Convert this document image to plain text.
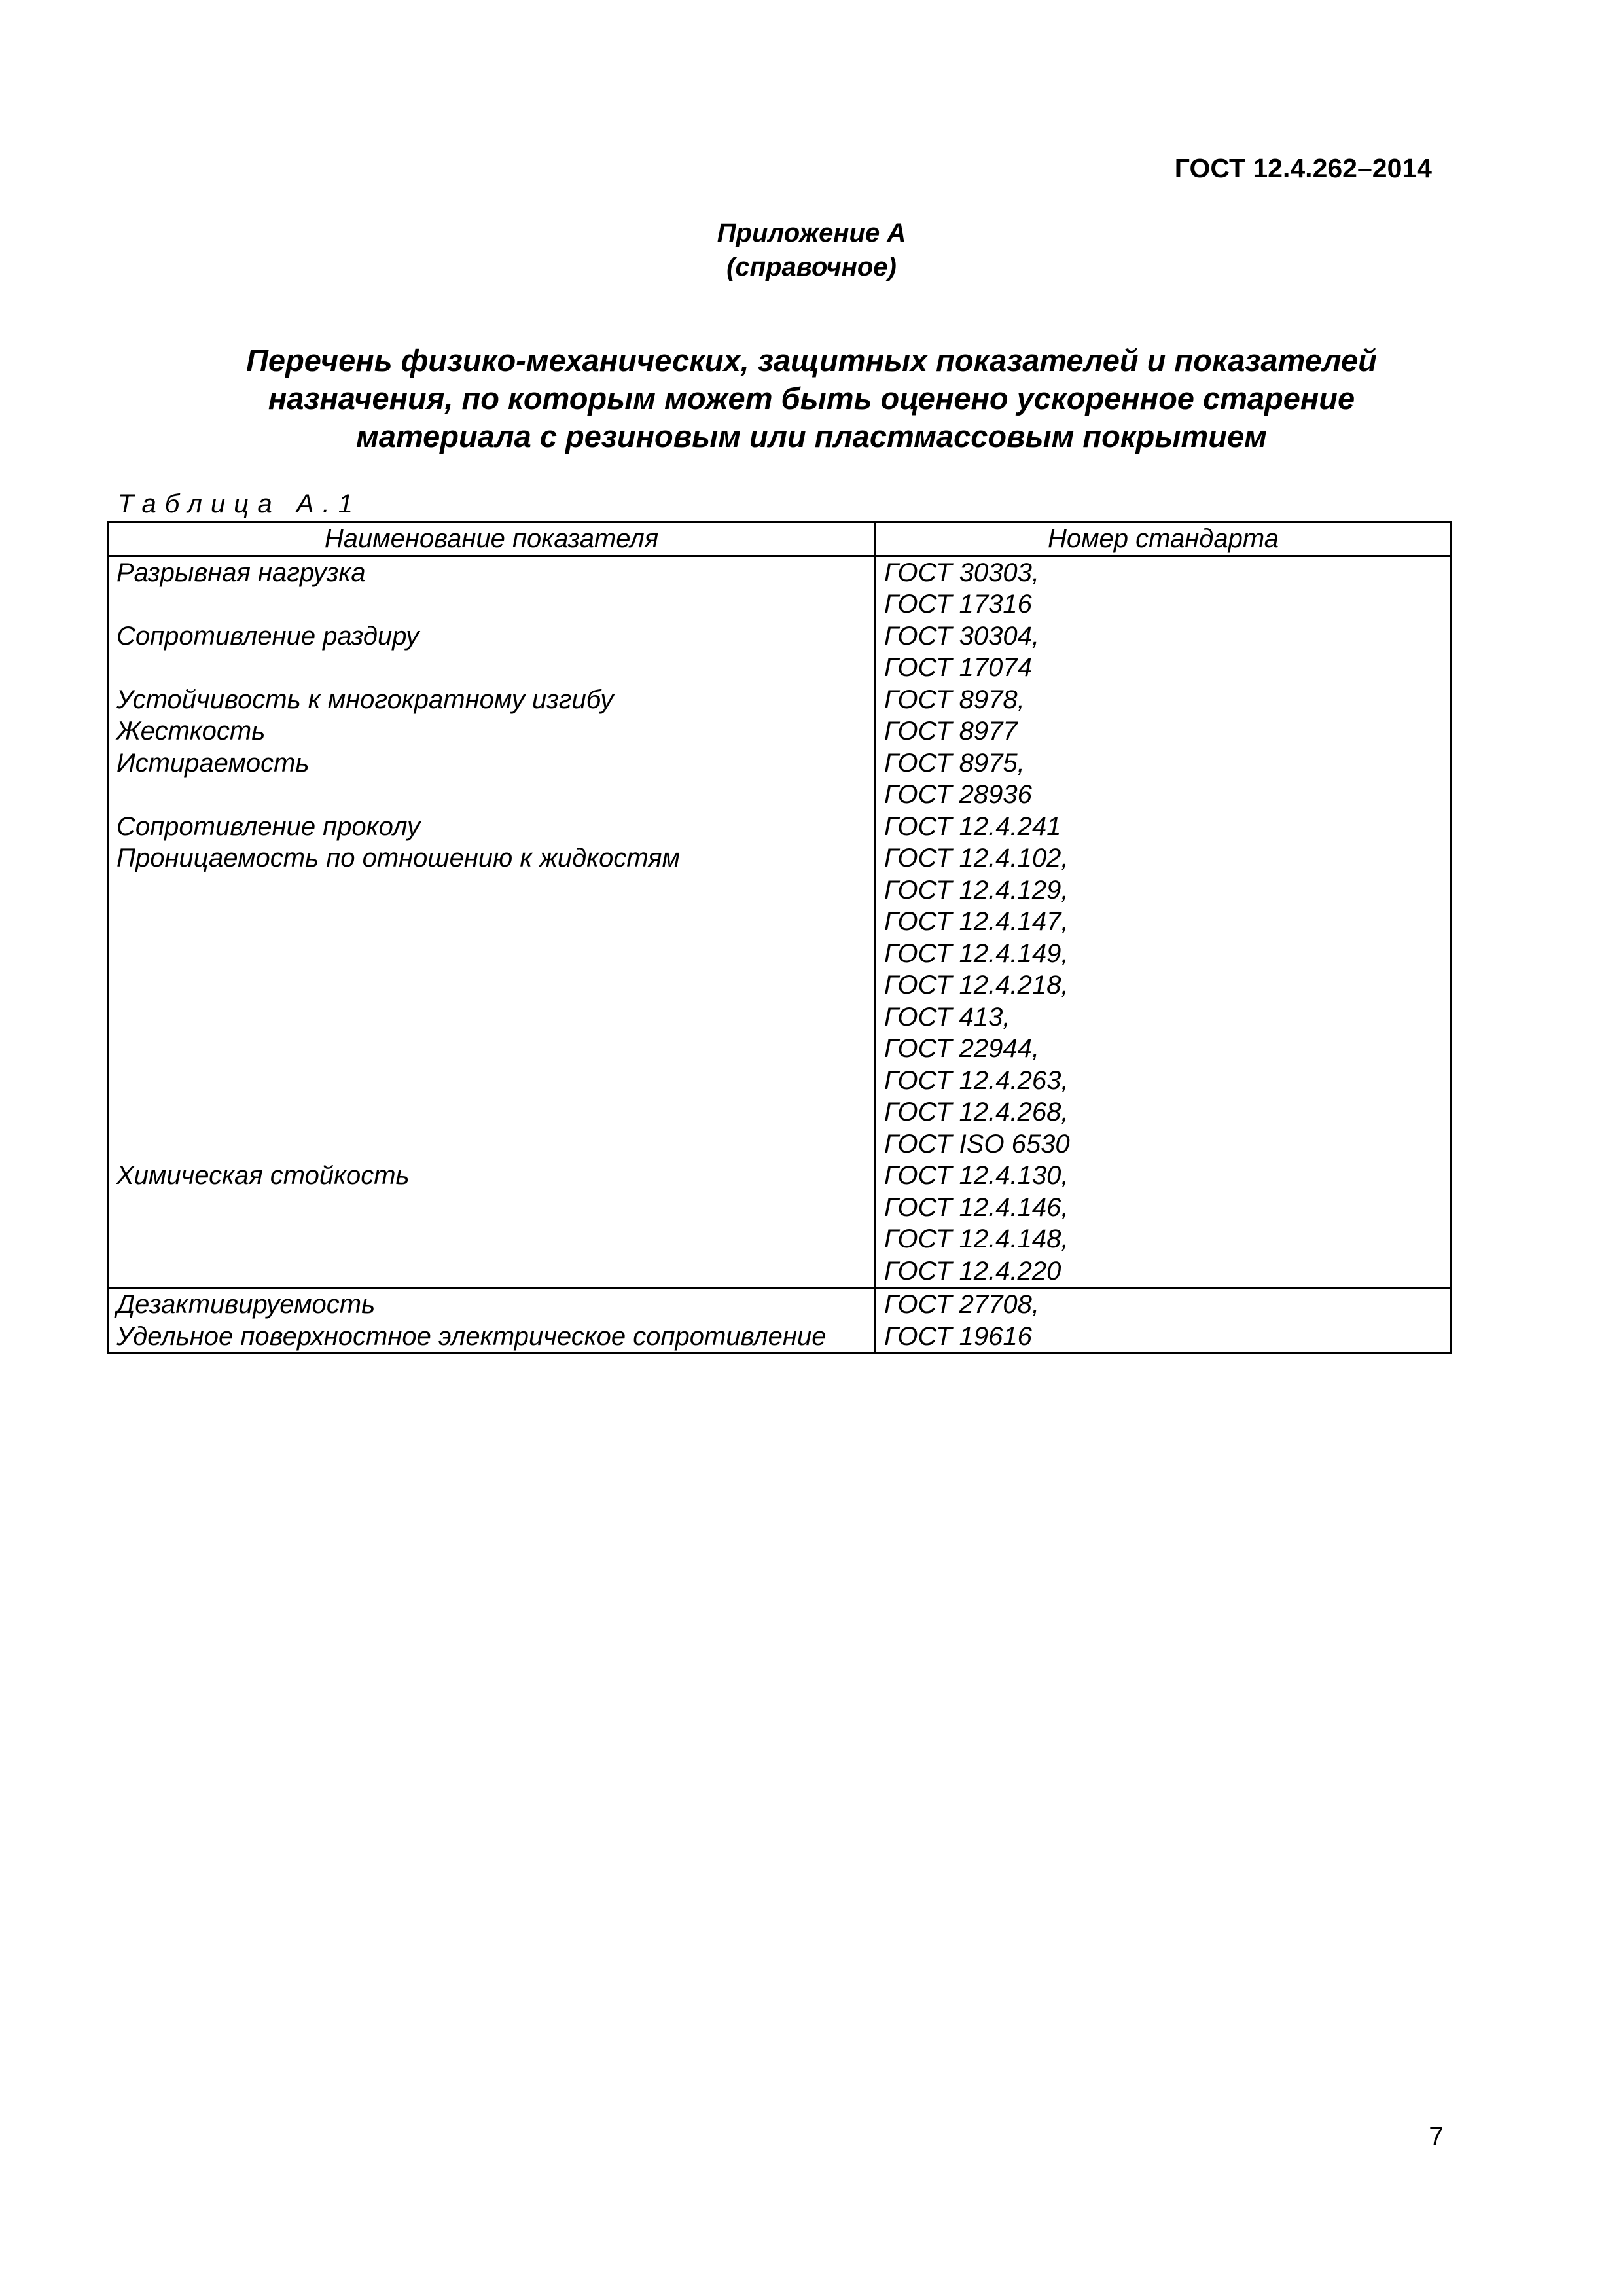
ГОСТ 12.4.262–2014
Приложение А
(справочное)
Перечень физико-механических, защитных показателей и показателей
назначения, по которым может быть оценено ускоренное старение
материала с резиновым или пластмассовым покрытием
Таблица А.1
Наименование показателя	Номер стандарта
Разрывная нагрузка	ГОСТ 30303,
	ГОСТ 17316
Сопротивление раздиру	ГОСТ 30304,
	ГОСТ 17074
Устойчивость к многократному изгибу	ГОСТ 8978,
Жесткость	ГОСТ 8977
Истираемость	ГОСТ 8975,
	ГОСТ 28936
Сопротивление проколу	ГОСТ 12.4.241
Проницаемость по отношению к жидкостям	ГОСТ 12.4.102,
	ГОСТ 12.4.129,
	ГОСТ 12.4.147,
	ГОСТ 12.4.149,
	ГОСТ 12.4.218,
	ГОСТ 413,
	ГОСТ 22944,
	ГОСТ 12.4.263,
	ГОСТ 12.4.268,
	ГОСТ ISO 6530
Химическая стойкость	ГОСТ 12.4.130,
	ГОСТ 12.4.146,
	ГОСТ 12.4.148,
	ГОСТ 12.4.220
Дезактивируемость	ГОСТ 27708,
Удельное поверхностное электрическое сопротивление	ГОСТ 19616
7
